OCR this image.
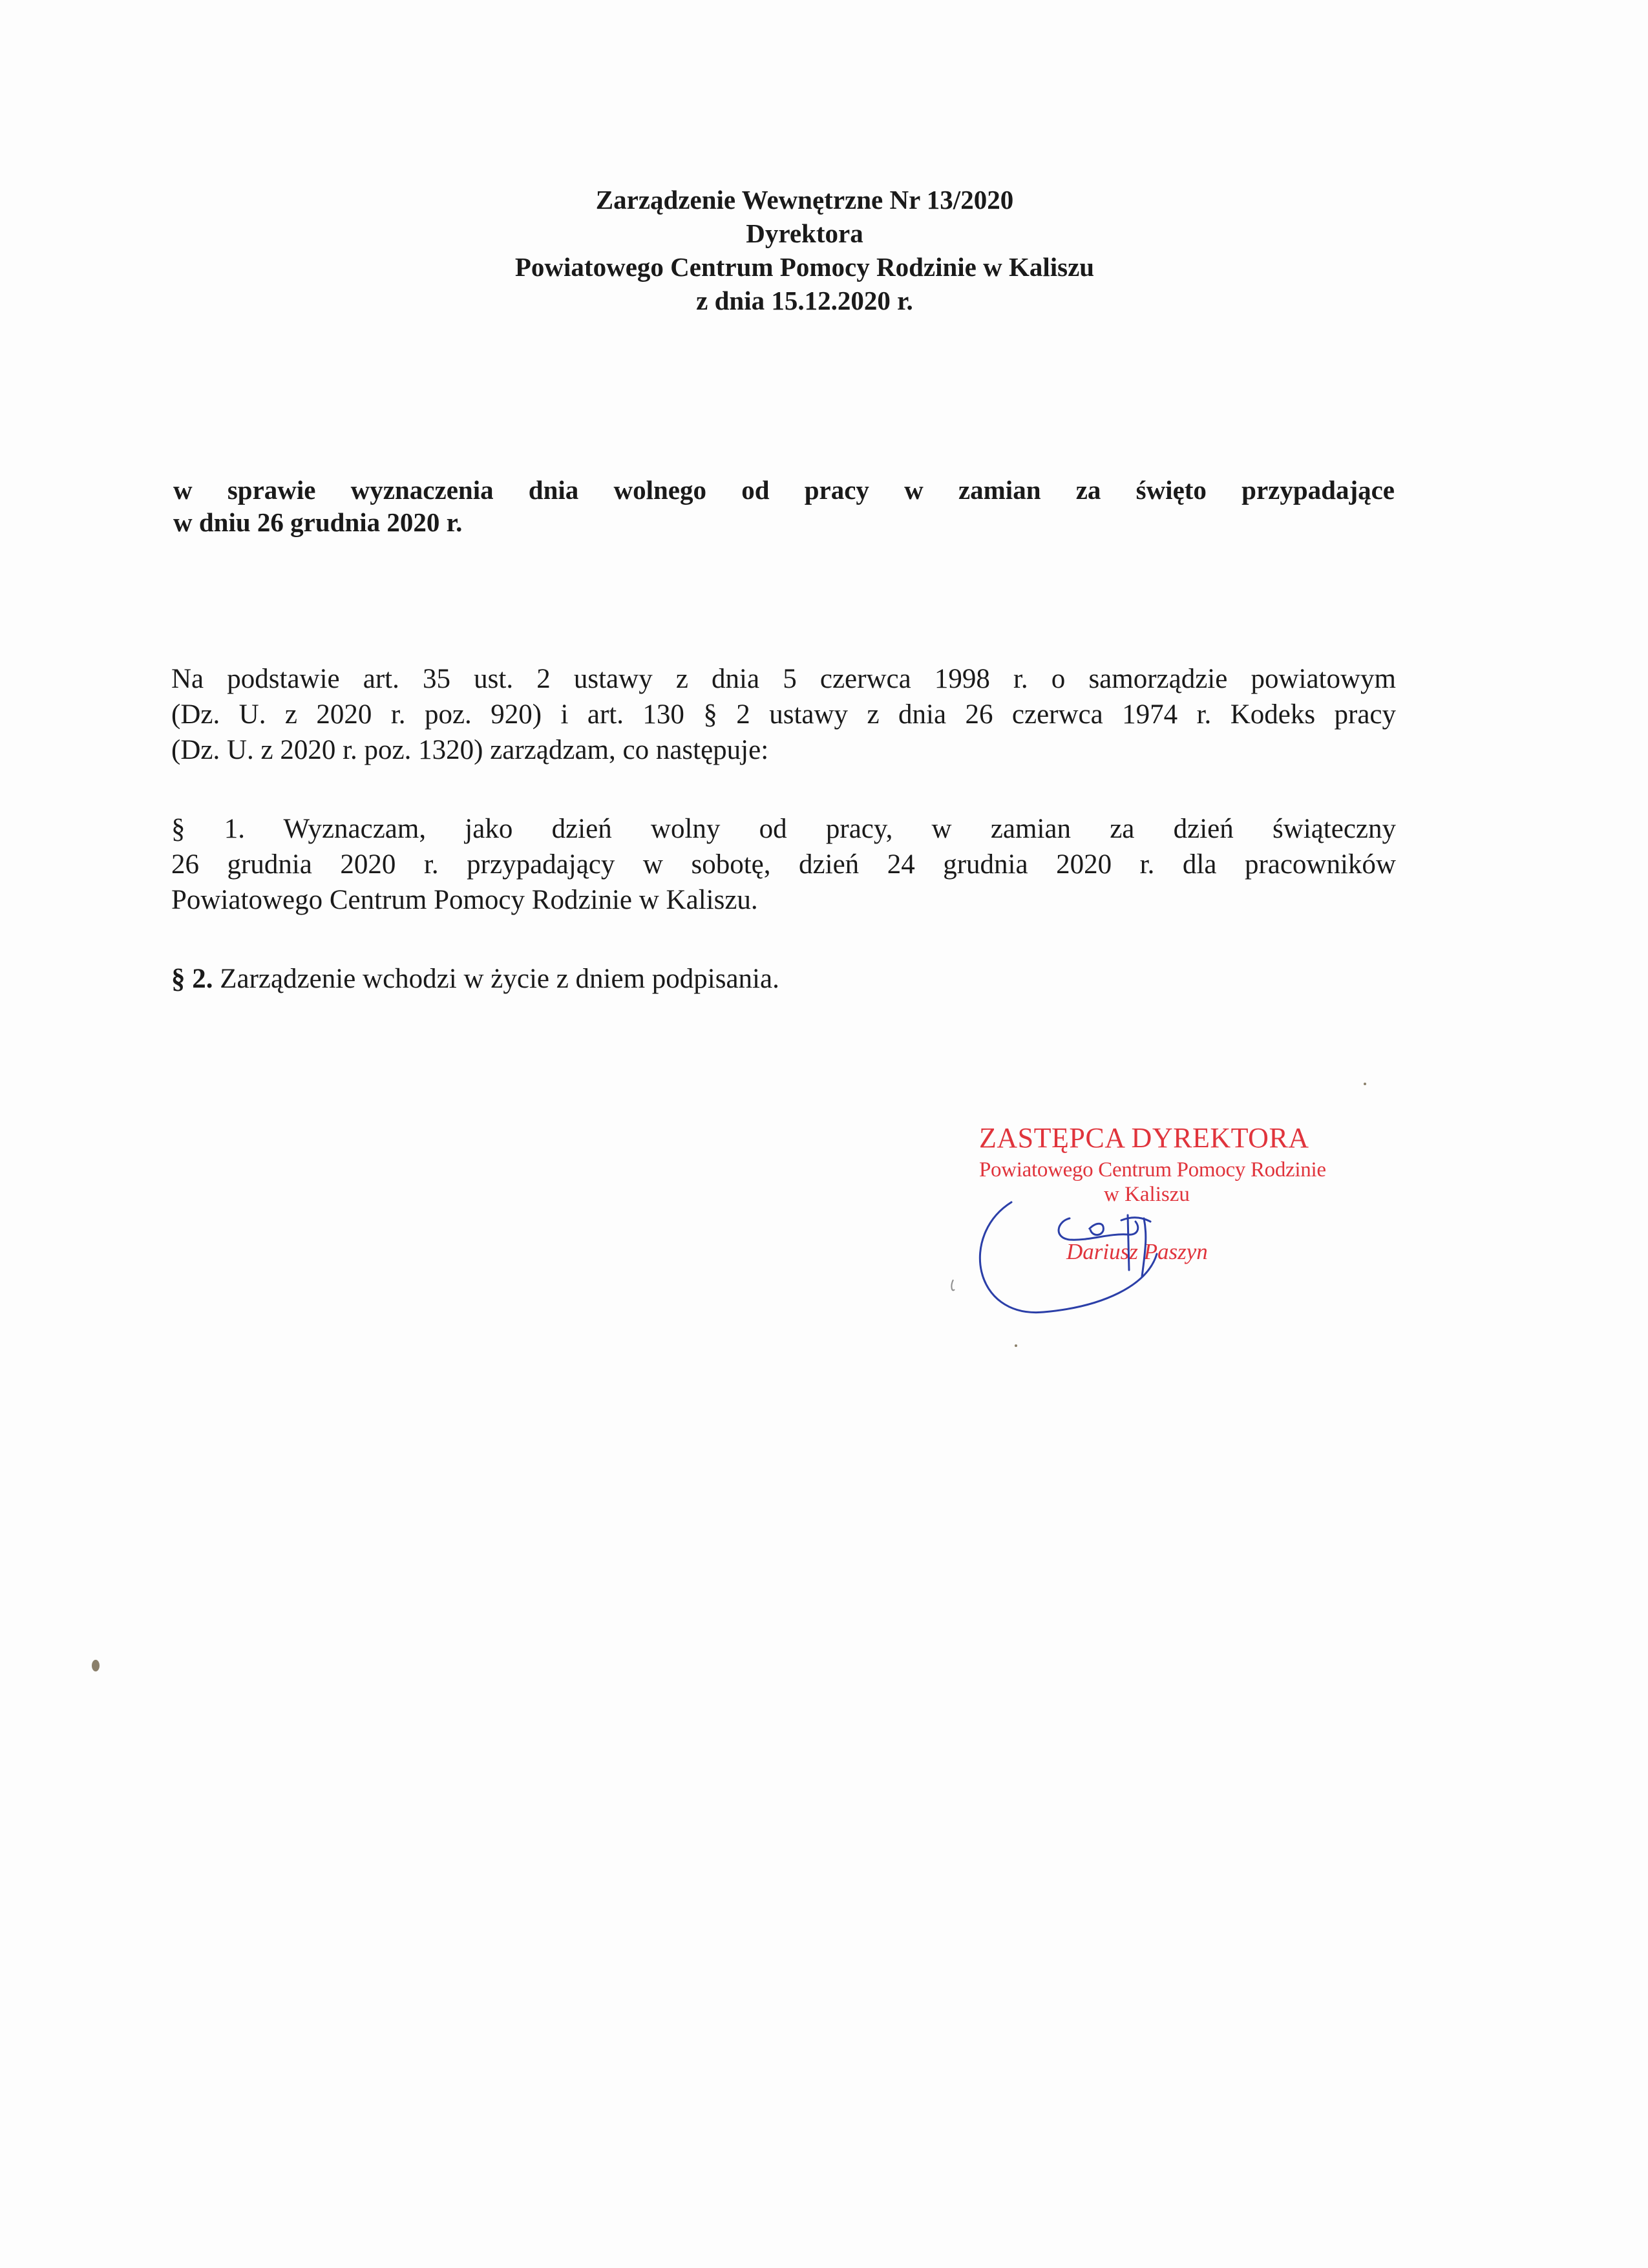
Zarządzenie Wewnętrzne Nr 13/2020
Dyrektora
Powiatowego Centrum Pomocy Rodzinie w Kaliszu
z dnia 15.12.2020 r.
w sprawie wyznaczenia dnia wolnego od pracy w zamian za święto przypadające
w dniu 26 grudnia 2020 r.
Na podstawie art. 35 ust. 2 ustawy z dnia 5 czerwca 1998 r. o samorządzie powiatowym
(Dz. U. z 2020 r. poz. 920) i art. 130 § 2 ustawy z dnia 26 czerwca 1974 r. Kodeks pracy
(Dz. U. z 2020 r. poz. 1320) zarządzam, co następuje:
§ 1. Wyznaczam, jako dzień wolny od pracy, w zamian za dzień świąteczny
26 grudnia 2020 r. przypadający w sobotę, dzień 24 grudnia 2020 r. dla pracowników
Powiatowego Centrum Pomocy Rodzinie w Kaliszu.
§ 2. Zarządzenie wchodzi w życie z dniem podpisania.
ZASTĘPCA DYREKTORA
Powiatowego Centrum Pomocy Rodzinie
w Kaliszu
Dariusz Paszyn
